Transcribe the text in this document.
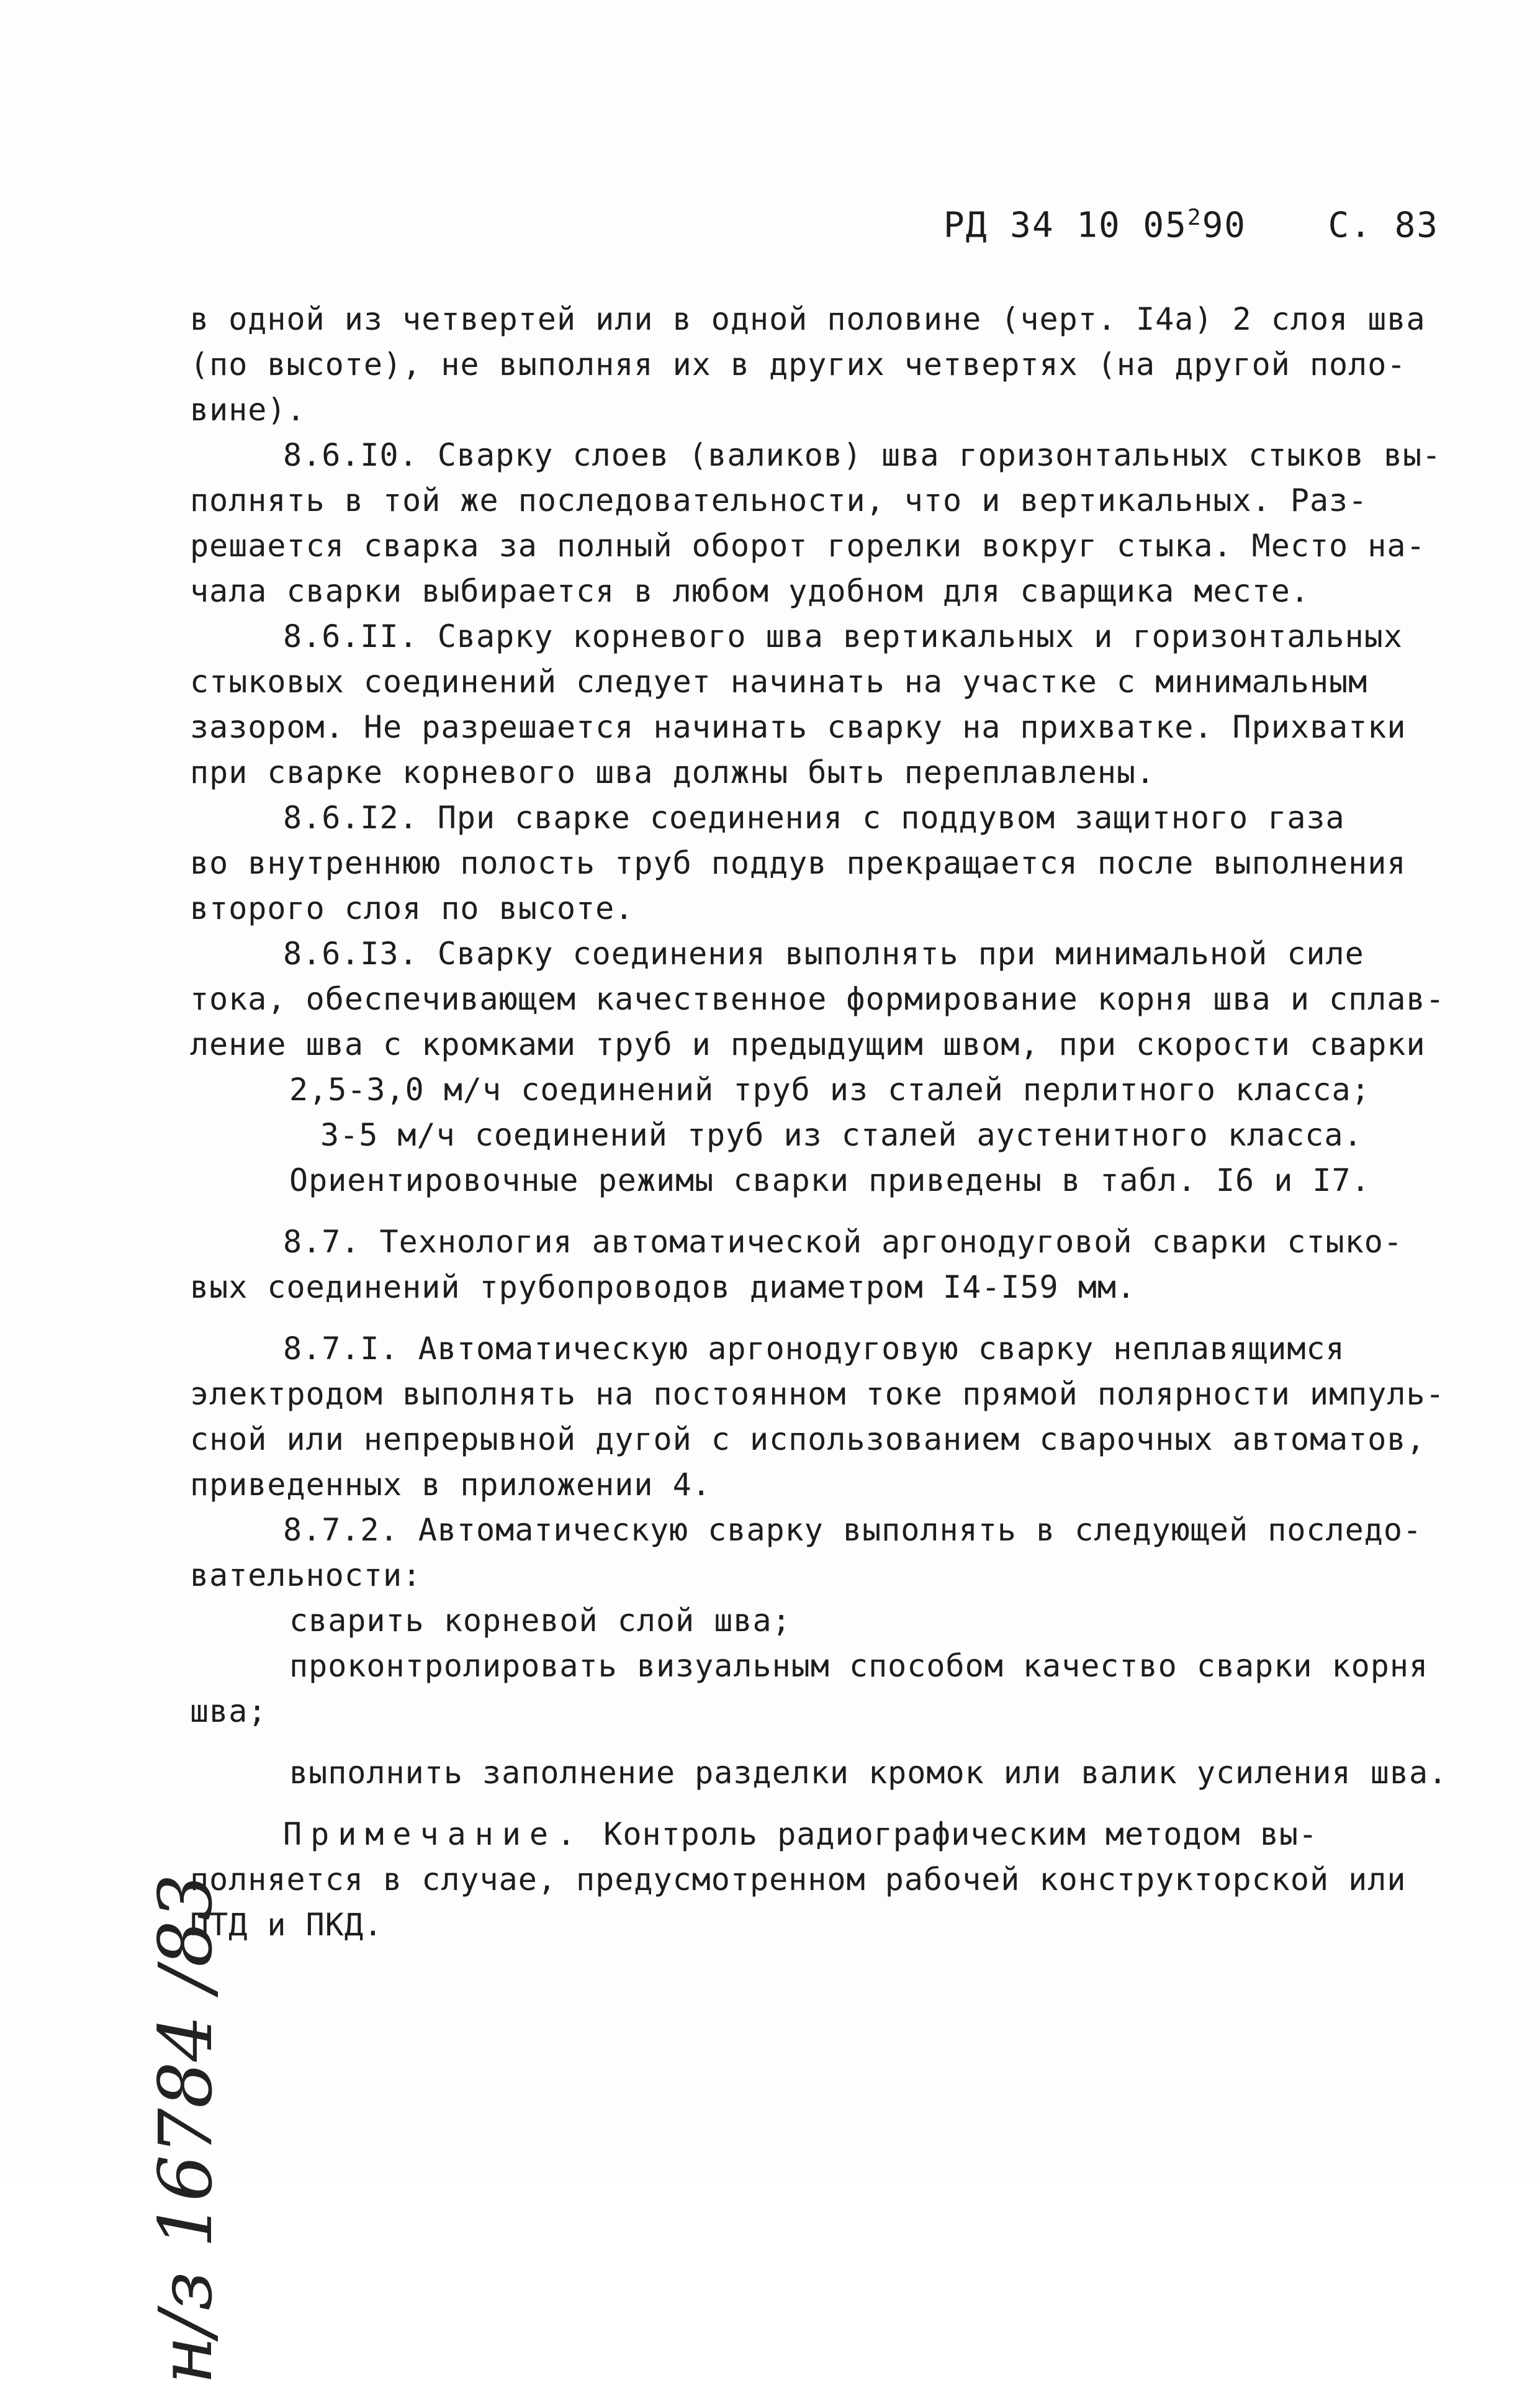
РД 34 10 $05^290$ С. 83
в одной из четвертей или в одной половине (черт. І4а) 2 слоя шва
(по высоте), не выполняя их в других четвертях (на другой поло-
вине).
8.6.I0. Сварку слоев (валиков) шва горизонтальных стыков вы-
полнять в той же последовательности, что и вертикальных. Раз-
решается сварка за полный оборот горелки вокруг стыка. Место на-
чала сварки выбирается в любом удобном для сварщика месте.
8.6.II. Сварку корневого шва вертикальных и горизонтальных
стыковых соединений следует начинать на участке с минимальным
зазором. Не разрешается начинать сварку на прихватке. Прихватки
при сварке корневого шва должны быть переплавлены.
8.6.I2. При сварке соединения с поддувом защитного газа
во внутреннюю полость труб поддув прекращается после выполнения
второго слоя по высоте.
8.6.I3. Сварку соединения выполнять при минимальной силе
тока, обеспечивающем качественное формирование корня шва и сплав-
ление шва с кромками труб и предыдущим швом, при скорости сварки
2,5-3,0 м/ч соединений труб из сталей перлитного класса;
3-5 м/ч соединений труб из сталей аустенитного класса.
Ориентировочные режимы сварки приведены в табл. І6 и І7.
8.7. Технология автоматической аргонодуговой сварки стыко-
вых соединений трубопроводов диаметром І4-І59 мм.
8.7.I. Автоматическую аргонодуговую сварку неплавящимся
электродом выполнять на постоянном токе прямой полярности импуль-
сной или непрерывной дугой с использованием сварочных автоматов,
приведенных в приложении 4.
8.7.2. Автоматическую сварку выполнять в следующей последо-
вательности:
сварить корневой слой шва;
проконтролировать визуальным способом качество сварки корня
шва;
выполнить заполнение разделки кромок или валик усиления шва.
Примечание. Контроль радиографическим методом вы-
полняется в случае, предусмотренном рабочей конструкторской или
ПТД и ПКД.
н/з 16784 /83
